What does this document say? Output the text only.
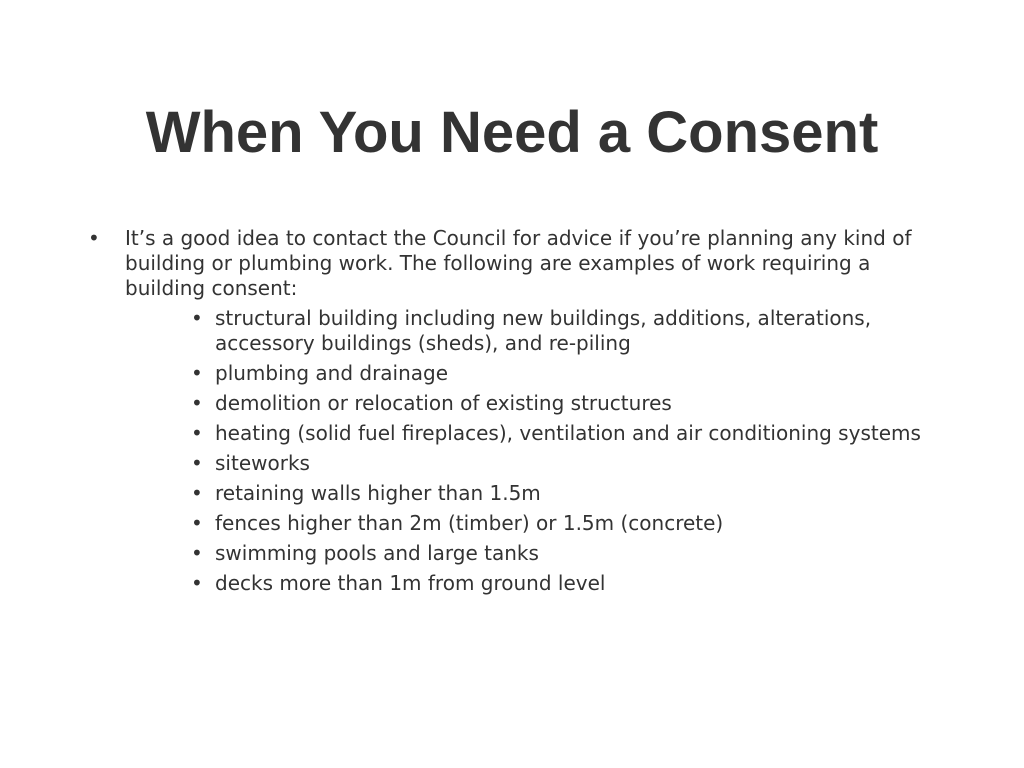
When You Need a Consent
• It’s a good idea to contact the Council for advice if you’re planning any kind of building or plumbing work. The following are examples of work requiring a building consent:
• structural building including new buildings, additions, alterations, accessory buildings (sheds), and re-piling
• plumbing and drainage
• demolition or relocation of existing structures
• heating (solid fuel fireplaces), ventilation and air conditioning systems
• siteworks
• retaining walls higher than 1.5m
• fences higher than 2m (timber) or 1.5m (concrete)
• swimming pools and large tanks
• decks more than 1m from ground level
